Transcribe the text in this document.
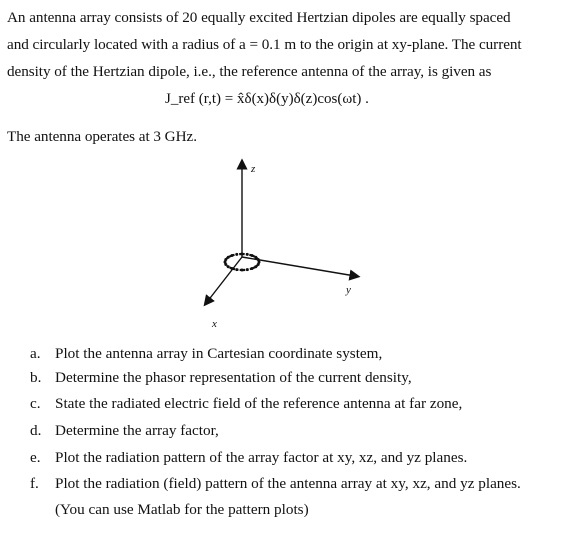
An antenna array consists of 20 equally excited Hertzian dipoles are equally spaced
and circularly located with a radius of a = 0.1 m to the origin at xy-plane. The current
density of the Hertzian dipole, i.e., the reference antenna of the array, is given as
J_ref (r,t) = x̂δ(x)δ(y)δ(z)cos(ωt) .
The antenna operates at 3 GHz.
z
y
x
a. Plot the antenna array in Cartesian coordinate system,
b. Determine the phasor representation of the current density,
c. State the radiated electric field of the reference antenna at far zone,
d. Determine the array factor,
e. Plot the radiation pattern of the array factor at xy, xz, and yz planes.
f. Plot the radiation (field) pattern of the antenna array at xy, xz, and yz planes.
(You can use Matlab for the pattern plots)
